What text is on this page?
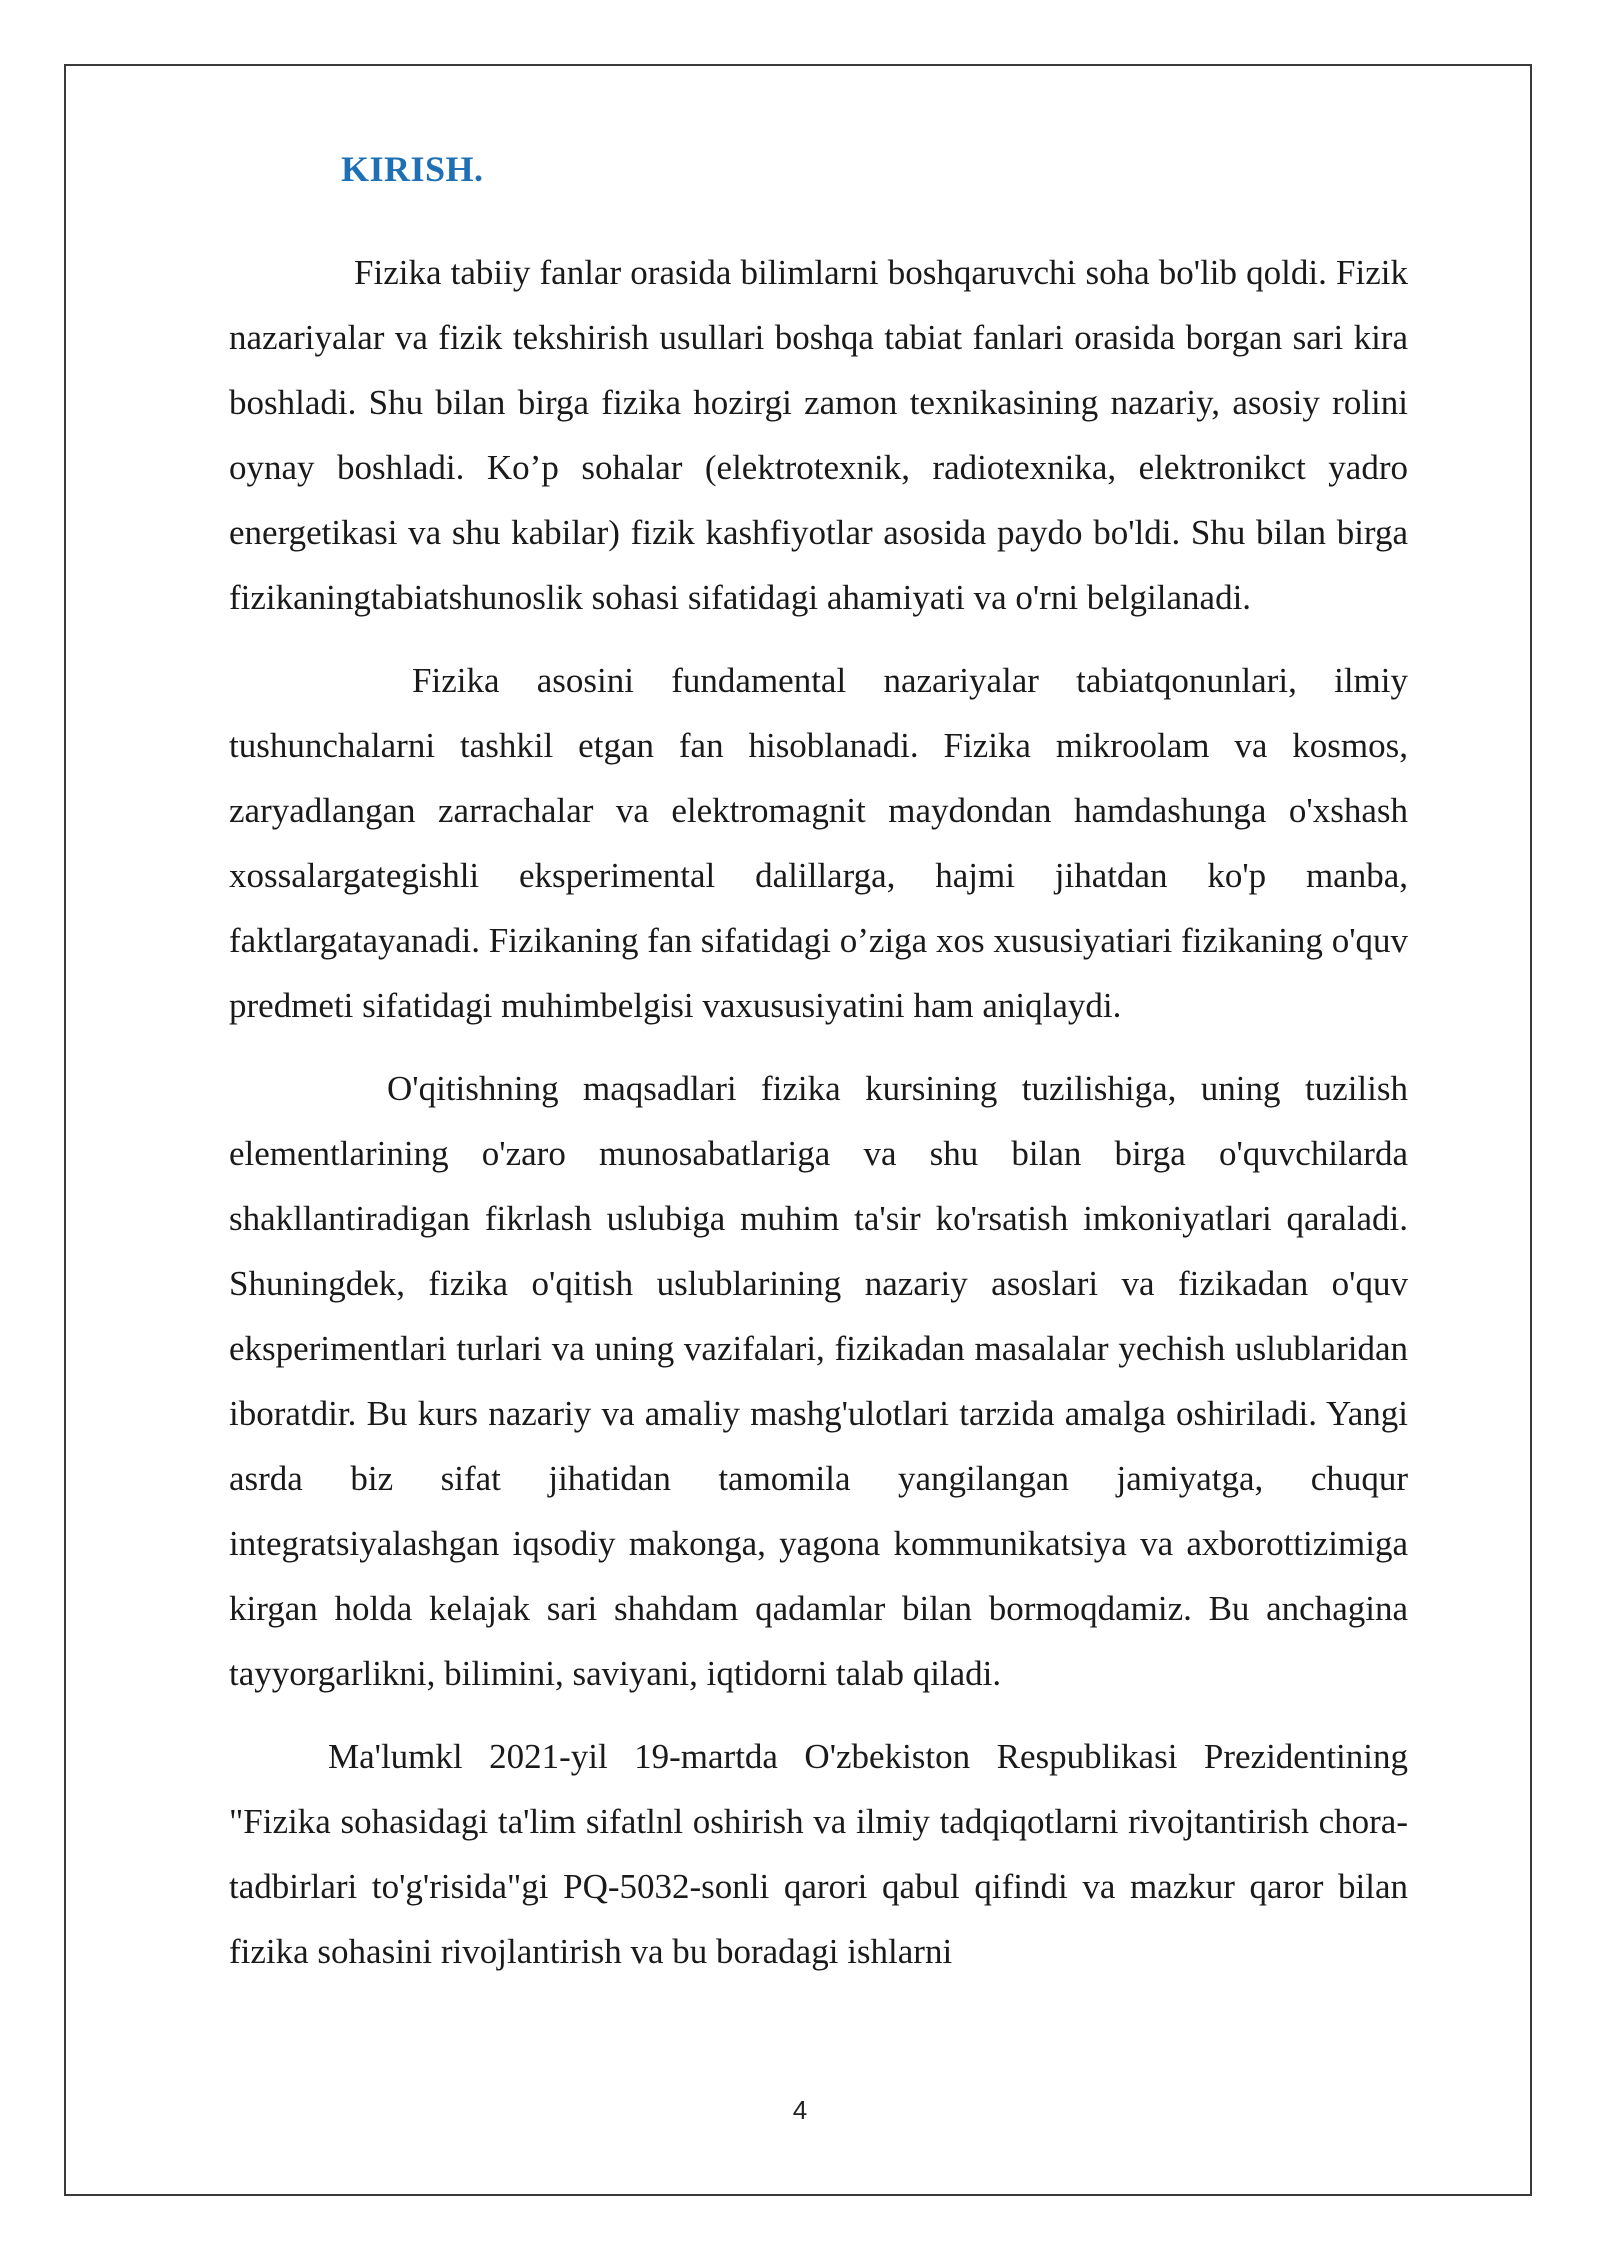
KIRISH.

Fizika tabiiy fanlar orasida bilimlarni boshqaruvchi soha bo'lib qoldi. Fizik nazariyalar va fizik tekshirish usullari boshqa tabiat fanlari orasida borgan sari kira boshladi. Shu bilan birga fizika hozirgi zamon texnikasining nazariy, asosiy rolini oynay boshladi. Ko’p sohalar (elektrotexnik, radiotexnika, elektronikct yadro energetikasi va shu kabilar) fizik kashfiyotlar asosida paydo bo'ldi. Shu bilan birga fizikaningtabiatshunoslik sohasi sifatidagi ahamiyati va o'rni belgilanadi.

Fizika asosini fundamental nazariyalar tabiatqonunlari, ilmiy tushunchalarni tashkil etgan fan hisoblanadi. Fizika mikroolam va kosmos, zaryadlangan zarrachalar va elektromagnit maydondan hamdashunga o'xshash xossalargategishli eksperimental dalillarga, hajmi jihatdan ko'p manba, faktlargatayanadi. Fizikaning fan sifatidagi o’ziga xos xususiyatiari fizikaning o'quv predmeti sifatidagi muhimbelgisi vaxususiyatini ham aniqlaydi.

O'qitishning maqsadlari fizika kursining tuzilishiga, uning tuzilish elementlarining o'zaro munosabatlariga va shu bilan birga o'quvchilarda shakllantiradigan fikrlash uslubiga muhim ta'sir ko'rsatish imkoniyatlari qaraladi. Shuningdek, fizika o'qitish uslublarining nazariy asoslari va fizikadan o'quv eksperimentlari turlari va uning vazifalari, fizikadan masalalar yechish uslublaridan iboratdir. Bu kurs nazariy va amaliy mashg'ulotlari tarzida amalga oshiriladi. Yangi asrda biz sifat jihatidan tamomila yangilangan jamiyatga, chuqur integratsiyalashgan iqsodiy makonga, yagona kommunikatsiya va axborottizimiga kirgan holda kelajak sari shahdam qadamlar bilan bormoqdamiz. Bu anchagina tayyorgarlikni, bilimini, saviyani, iqtidorni talab qiladi.

Ma'lumkl 2021-yil 19-martda O'zbekiston Respublikasi Prezidentining "Fizika sohasidagi ta'lim sifatlnl oshirish va ilmiy tadqiqotlarni rivojtantirish chora- tadbirlari to'g'risida"gi PQ-5032-sonli qarori qabul qifindi va mazkur qaror bilan fizika sohasini rivojlantirish va bu boradagi ishlarni

4
